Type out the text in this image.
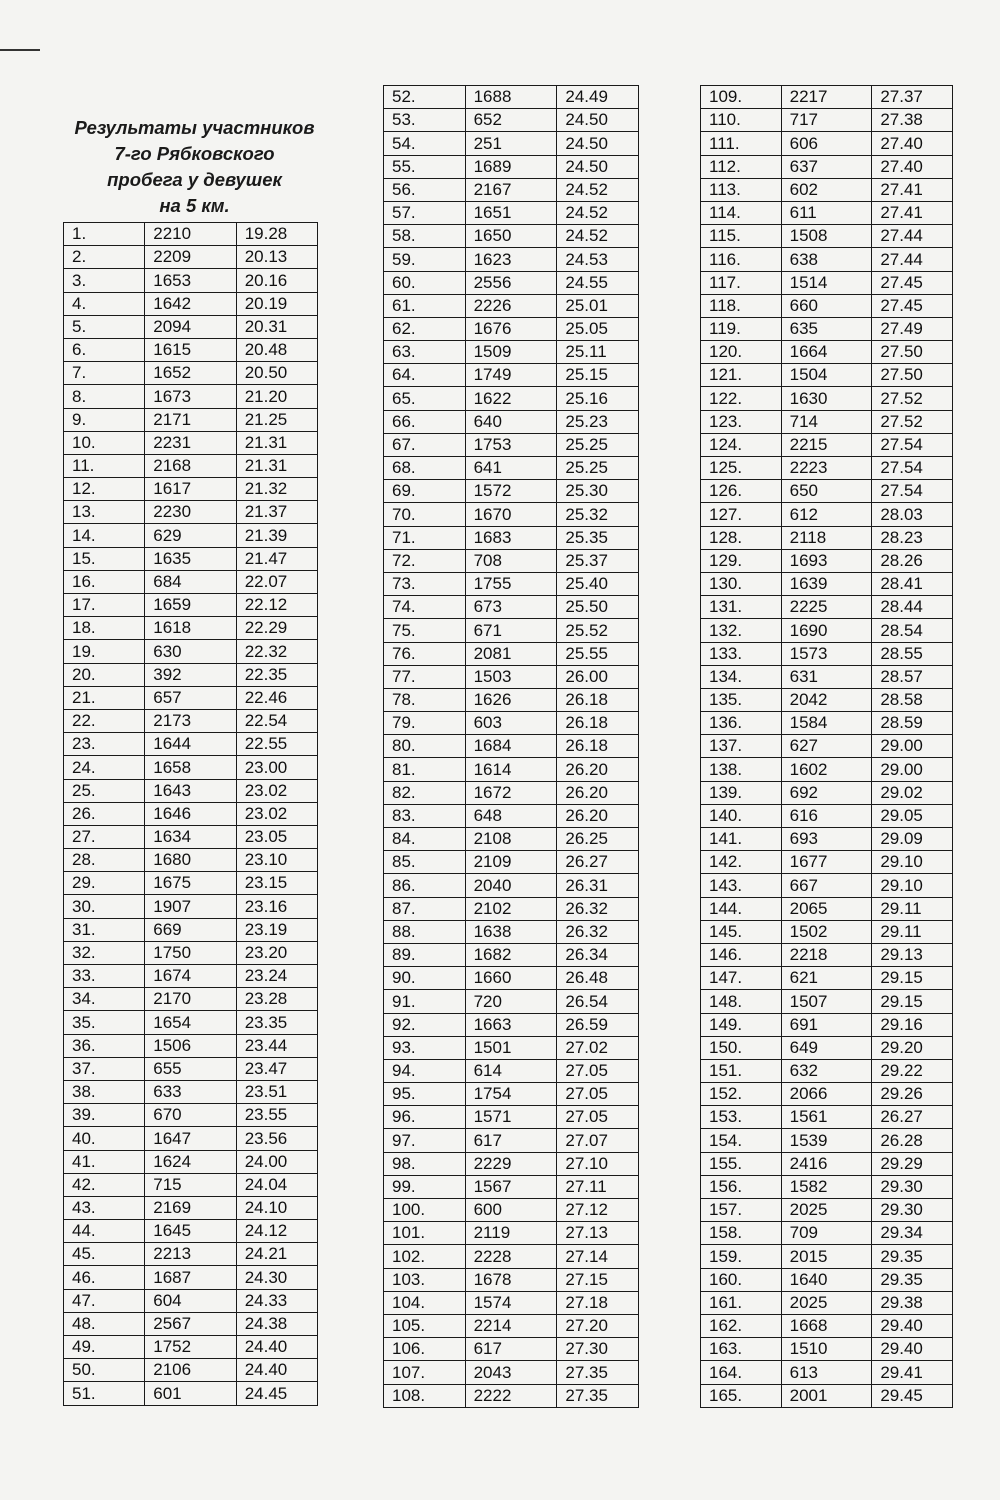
Результаты участников
7-го Рябковского
пробега у девушек
на 5 км.
1.	2210	19.28
2.	2209	20.13
3.	1653	20.16
4.	1642	20.19
5.	2094	20.31
6.	1615	20.48
7.	1652	20.50
8.	1673	21.20
9.	2171	21.25
10.	2231	21.31
11.	2168	21.31
12.	1617	21.32
13.	2230	21.37
14.	629	21.39
15.	1635	21.47
16.	684	22.07
17.	1659	22.12
18.	1618	22.29
19.	630	22.32
20.	392	22.35
21.	657	22.46
22.	2173	22.54
23.	1644	22.55
24.	1658	23.00
25.	1643	23.02
26.	1646	23.02
27.	1634	23.05
28.	1680	23.10
29.	1675	23.15
30.	1907	23.16
31.	669	23.19
32.	1750	23.20
33.	1674	23.24
34.	2170	23.28
35.	1654	23.35
36.	1506	23.44
37.	655	23.47
38.	633	23.51
39.	670	23.55
40.	1647	23.56
41.	1624	24.00
42.	715	24.04
43.	2169	24.10
44.	1645	24.12
45.	2213	24.21
46.	1687	24.30
47.	604	24.33
48.	2567	24.38
49.	1752	24.40
50.	2106	24.40
51.	601	24.45
52.	1688	24.49
53.	652	24.50
54.	251	24.50
55.	1689	24.50
56.	2167	24.52
57.	1651	24.52
58.	1650	24.52
59.	1623	24.53
60.	2556	24.55
61.	2226	25.01
62.	1676	25.05
63.	1509	25.11
64.	1749	25.15
65.	1622	25.16
66.	640	25.23
67.	1753	25.25
68.	641	25.25
69.	1572	25.30
70.	1670	25.32
71.	1683	25.35
72.	708	25.37
73.	1755	25.40
74.	673	25.50
75.	671	25.52
76.	2081	25.55
77.	1503	26.00
78.	1626	26.18
79.	603	26.18
80.	1684	26.18
81.	1614	26.20
82.	1672	26.20
83.	648	26.20
84.	2108	26.25
85.	2109	26.27
86.	2040	26.31
87.	2102	26.32
88.	1638	26.32
89.	1682	26.34
90.	1660	26.48
91.	720	26.54
92.	1663	26.59
93.	1501	27.02
94.	614	27.05
95.	1754	27.05
96.	1571	27.05
97.	617	27.07
98.	2229	27.10
99.	1567	27.11
100.	600	27.12
101.	2119	27.13
102.	2228	27.14
103.	1678	27.15
104.	1574	27.18
105.	2214	27.20
106.	617	27.30
107.	2043	27.35
108.	2222	27.35
109.	2217	27.37
110.	717	27.38
111.	606	27.40
112.	637	27.40
113.	602	27.41
114.	611	27.41
115.	1508	27.44
116.	638	27.44
117.	1514	27.45
118.	660	27.45
119.	635	27.49
120.	1664	27.50
121.	1504	27.50
122.	1630	27.52
123.	714	27.52
124.	2215	27.54
125.	2223	27.54
126.	650	27.54
127.	612	28.03
128.	2118	28.23
129.	1693	28.26
130.	1639	28.41
131.	2225	28.44
132.	1690	28.54
133.	1573	28.55
134.	631	28.57
135.	2042	28.58
136.	1584	28.59
137.	627	29.00
138.	1602	29.00
139.	692	29.02
140.	616	29.05
141.	693	29.09
142.	1677	29.10
143.	667	29.10
144.	2065	29.11
145.	1502	29.11
146.	2218	29.13
147.	621	29.15
148.	1507	29.15
149.	691	29.16
150.	649	29.20
151.	632	29.22
152.	2066	29.26
153.	1561	26.27
154.	1539	26.28
155.	2416	29.29
156.	1582	29.30
157.	2025	29.30
158.	709	29.34
159.	2015	29.35
160.	1640	29.35
161.	2025	29.38
162.	1668	29.40
163.	1510	29.40
164.	613	29.41
165.	2001	29.45
